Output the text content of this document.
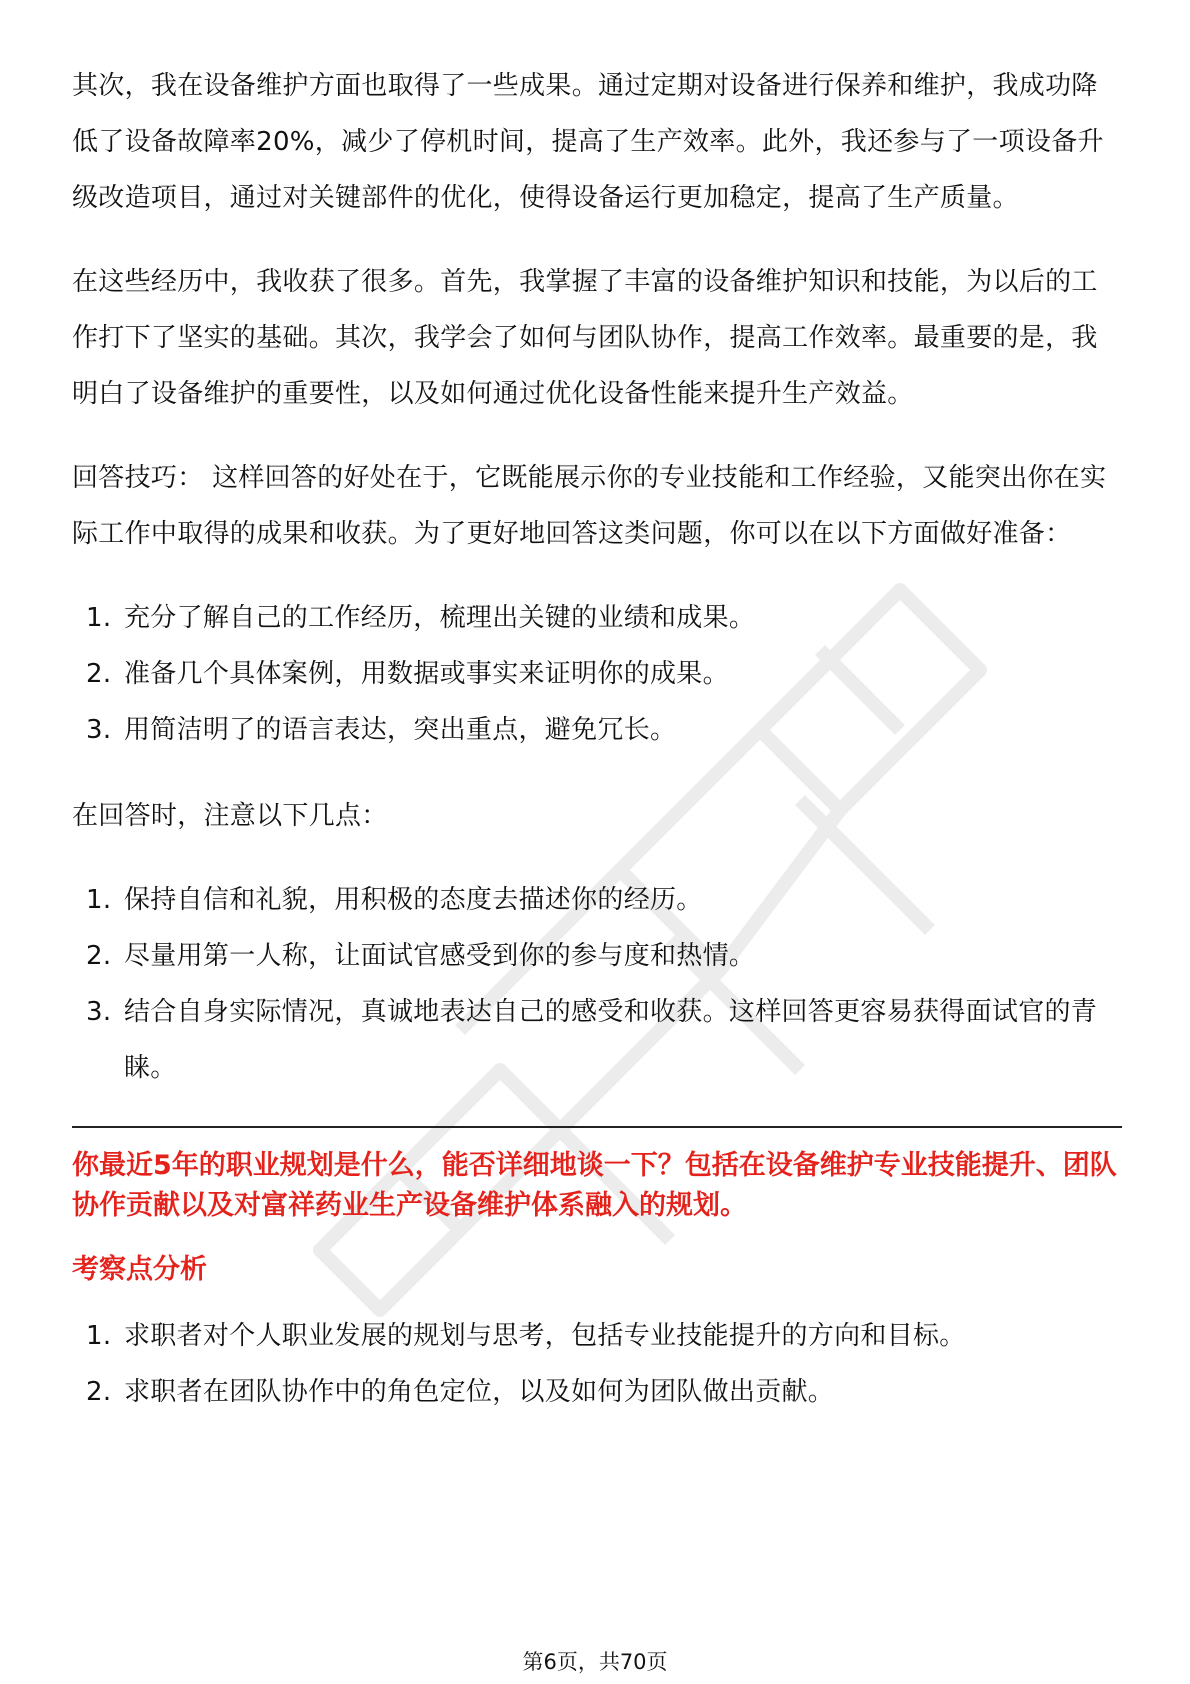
其次，我在设备维护方面也取得了一些成果。通过定期对设备进行保养和维护，我成功降低了设备故障率20%，减少了停机时间，提高了生产效率。此外，我还参与了一项设备升级改造项目，通过对关键部件的优化，使得设备运行更加稳定，提高了生产质量。

在这些经历中，我收获了很多。首先，我掌握了丰富的设备维护知识和技能，为以后的工作打下了坚实的基础。其次，我学会了如何与团队协作，提高工作效率。最重要的是，我明白了设备维护的重要性，以及如何通过优化设备性能来提升生产效益。

回答技巧： 这样回答的好处在于，它既能展示你的专业技能和工作经验，又能突出你在实际工作中取得的成果和收获。为了更好地回答这类问题，你可以在以下方面做好准备：

1. 充分了解自己的工作经历，梳理出关键的业绩和成果。
2. 准备几个具体案例，用数据或事实来证明你的成果。
3. 用简洁明了的语言表达，突出重点，避免冗长。

在回答时，注意以下几点：

1. 保持自信和礼貌，用积极的态度去描述你的经历。
2. 尽量用第一人称，让面试官感受到你的参与度和热情。
3. 结合自身实际情况，真诚地表达自己的感受和收获。这样回答更容易获得面试官的青睐。

你最近5年的职业规划是什么，能否详细地谈一下？包括在设备维护专业技能提升、团队协作贡献以及对富祥药业生产设备维护体系融入的规划。

考察点分析

1. 求职者对个人职业发展的规划与思考，包括专业技能提升的方向和目标。
2. 求职者在团队协作中的角色定位，以及如何为团队做出贡献。
第6页，共70页
